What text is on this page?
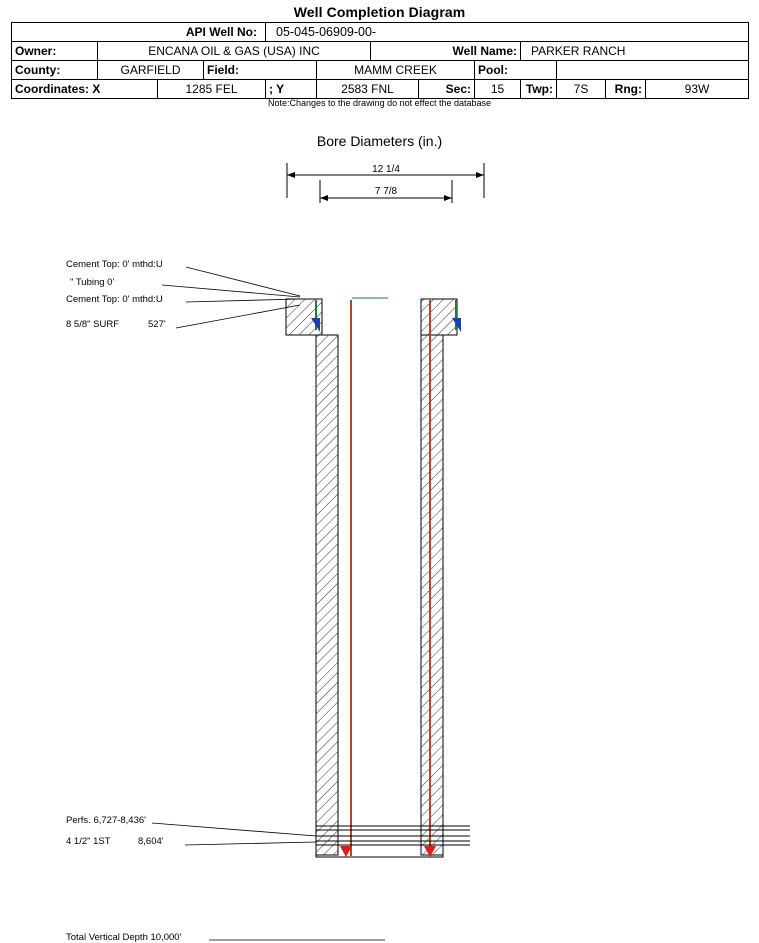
Well Completion Diagram
API Well No:				05-045-06909-00-								
Owner:	ENCANA OIL & GAS (USA) INC					Well Name:			PARKER RANCH			
County:	GARFIELD		Field:		MAMM CREEK			Pool:				
Coordinates: X		1285 FEL		; Y	2583 FNL		Sec:	15	Twp:	7S	Rng:	93W
Note:Changes to the drawing do not effect the database
Bore Diameters (in.)
12 1/4
7 7/8
Cement Top: 0' mthd:U
" Tubing 0'
Cement Top: 0' mthd:U
8 5/8" SURF	527'
Perfs. 6,727-8,436'
4 1/2" 1ST	8,604'
Total Vertical Depth 10,000'
